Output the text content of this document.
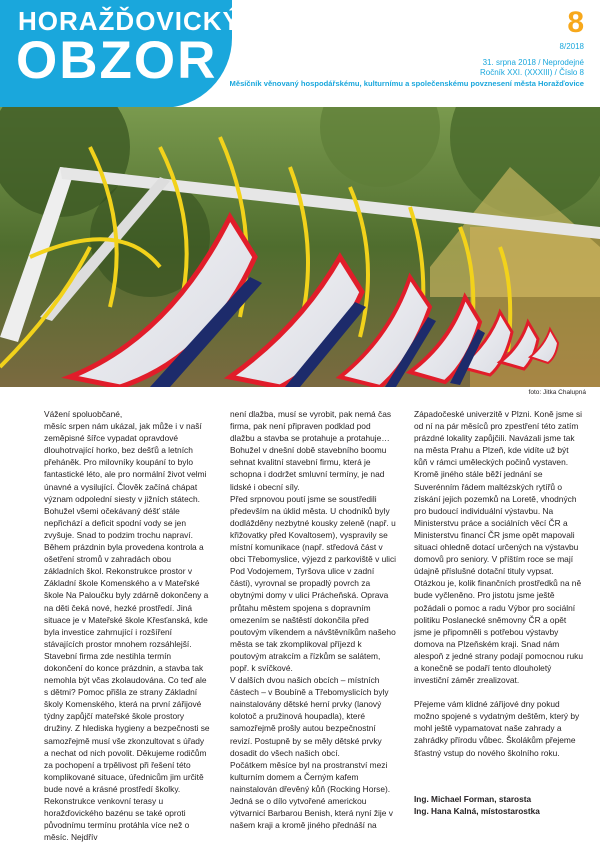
HORAŽĎOVICKÝ
OBZOR
8
8/2018
31. srpna 2018 / Neprodejné
Ročník XXI. (XXXIII) / Číslo 8
Měsíčník věnovaný hospodářskému, kulturnímu a společenskému povznesení města Horažďovice
foto: Jitka Chalupná

Vážení spoluobčané,

měsíc srpen nám ukázal, jak může i v naší zeměpisné šířce vypadat opravdové dlouhotrvající horko, bez dešťů a letních přeháněk. Pro milovníky koupání to bylo fantastické léto, ale pro normální život velmi únavné a vysilující. Člověk začíná chápat význam odpolední siesty v jižních státech. Bohužel všemi očekávaný déšť stále nepřichází a deficit spodní vody se jen zvyšuje. Snad to podzim trochu napraví.

Během prázdnin byla provedena kontrola a ošetření stromů v zahradách obou základních škol. Rekonstrukce prostor v Základní škole Komenského a v Mateřské škole Na Paloučku byly zdárně dokončeny a na děti čeká nové, hezké prostředí. Jiná situace je v Mateřské škole Křesťanská, kde byla investice zahrnující i rozšíření stávajících prostor mnohem rozsáhlejší. Stavební firma zde nestihla termín dokončení do konce prázdnin, a stavba tak nemohla být včas zkolaudována. Co teď ale s dětmi? Pomoc přišla ze strany Základní školy Komenského, která na první zářijové týdny zapůjčí mateřské škole prostory družiny. Z hlediska hygieny a bezpečnosti se samozřejmě musí vše zkonzultovat s úřady a nechat od nich povolit. Děkujeme rodičům za pochopení a trpělivost při řešení této komplikované situace, úřednicům jim určitě bude nové a krásné prostředí školky.

Rekonstrukce venkovní terasy u horažďovického bazénu se také oproti původnímu termínu protáhla více než o měsíc. Nejdřív

není dlažba, musí se vyrobit, pak nemá čas firma, pak není připraven podklad pod dlažbu a stavba se protahuje a protahuje… Bohužel v dnešní době stavebního boomu sehnat kvalitní stavební firmu, která je schopna i dodržet smluvní termíny, je nad lidské i obecní síly.

Před srpnovou poutí jsme se soustředili především na úklid města. U chodníků byly dodlážděny nezbytné kousky zeleně (např. u křižovatky před Kovaltosem), vyspravily se místní komunikace (např. středová část v obci Třebomyslice, výjezd z parkoviště v ulici Pod Vodojemem, Tyršova ulice v zadní části), vyrovnal se propadlý povrch za obytnými domy v ulici Prácheňská. Oprava průtahu městem spojena s dopravním omezením se naštěstí dokončila před poutovým víkendem a návštěvníkům našeho města se tak zkomplikoval příjezd k poutovým atrakcím a řízkům se salátem, popř. k svíčkové.

V dalších dvou našich obcích – místních částech – v Boubíně a Třebomyslicích byly nainstalovány dětské herní prvky (lanový kolotoč a pružinová houpadla), které samozřejmě prošly autou bezpečnostní revizí. Postupně by se měly dětské prvky dosadit do všech našich obcí.

Počátkem měsíce byl na prostranství mezi kulturním domem a Černým kafem nainstalován dřevěný kůň (Rocking Horse). Jedná se o dílo vytvořené americkou výtvarnicí Barbarou Benish, která nyní žije v našem kraji a kromě jiného přednáší na

Západočeské univerzitě v Plzni. Koně jsme si od ní na pár měsíců pro zpestření této zatím prázdné lokality zapůjčili. Navázali jsme tak na města Prahu a Plzeň, kde vidíte už být kůň v rámci uměleckých počinů vystaven.

Kromě jiného stále běží jednání se Suverénním řádem maltézských rytířů o získání jejich pozemků na Loretě, vhodných pro budoucí individuální výstavbu. Na Ministerstvu práce a sociálních věcí ČR a Ministerstvu financí ČR jsme opět mapovali situaci ohledně dotací určených na výstavbu domovů pro seniory. V příštím roce se mají údajně příslušné dotační tituly vypsat. Otázkou je, kolik finančních prostředků na ně bude vyčleněno. Pro jistotu jsme ještě požádali o pomoc a radu Výbor pro sociální politiku Poslanecké sněmovny ČR a opět jsme je připomněli s potřebou výstavby domova na Plzeňském kraji. Snad nám alespoň z jedné strany podají pomocnou ruku a konečně se podaří tento dlouholetý investiční záměr zrealizovat.

Přejeme vám klidné zářijové dny pokud možno spojené s vydatným deštěm, který by mohl ještě vypamatovat naše zahrady a zahrádky přírodu vůbec. Školákům přejeme šťastný vstup do nového školního roku.

Ing. Michael Forman, starosta
Ing. Hana Kalná, místostarostka
